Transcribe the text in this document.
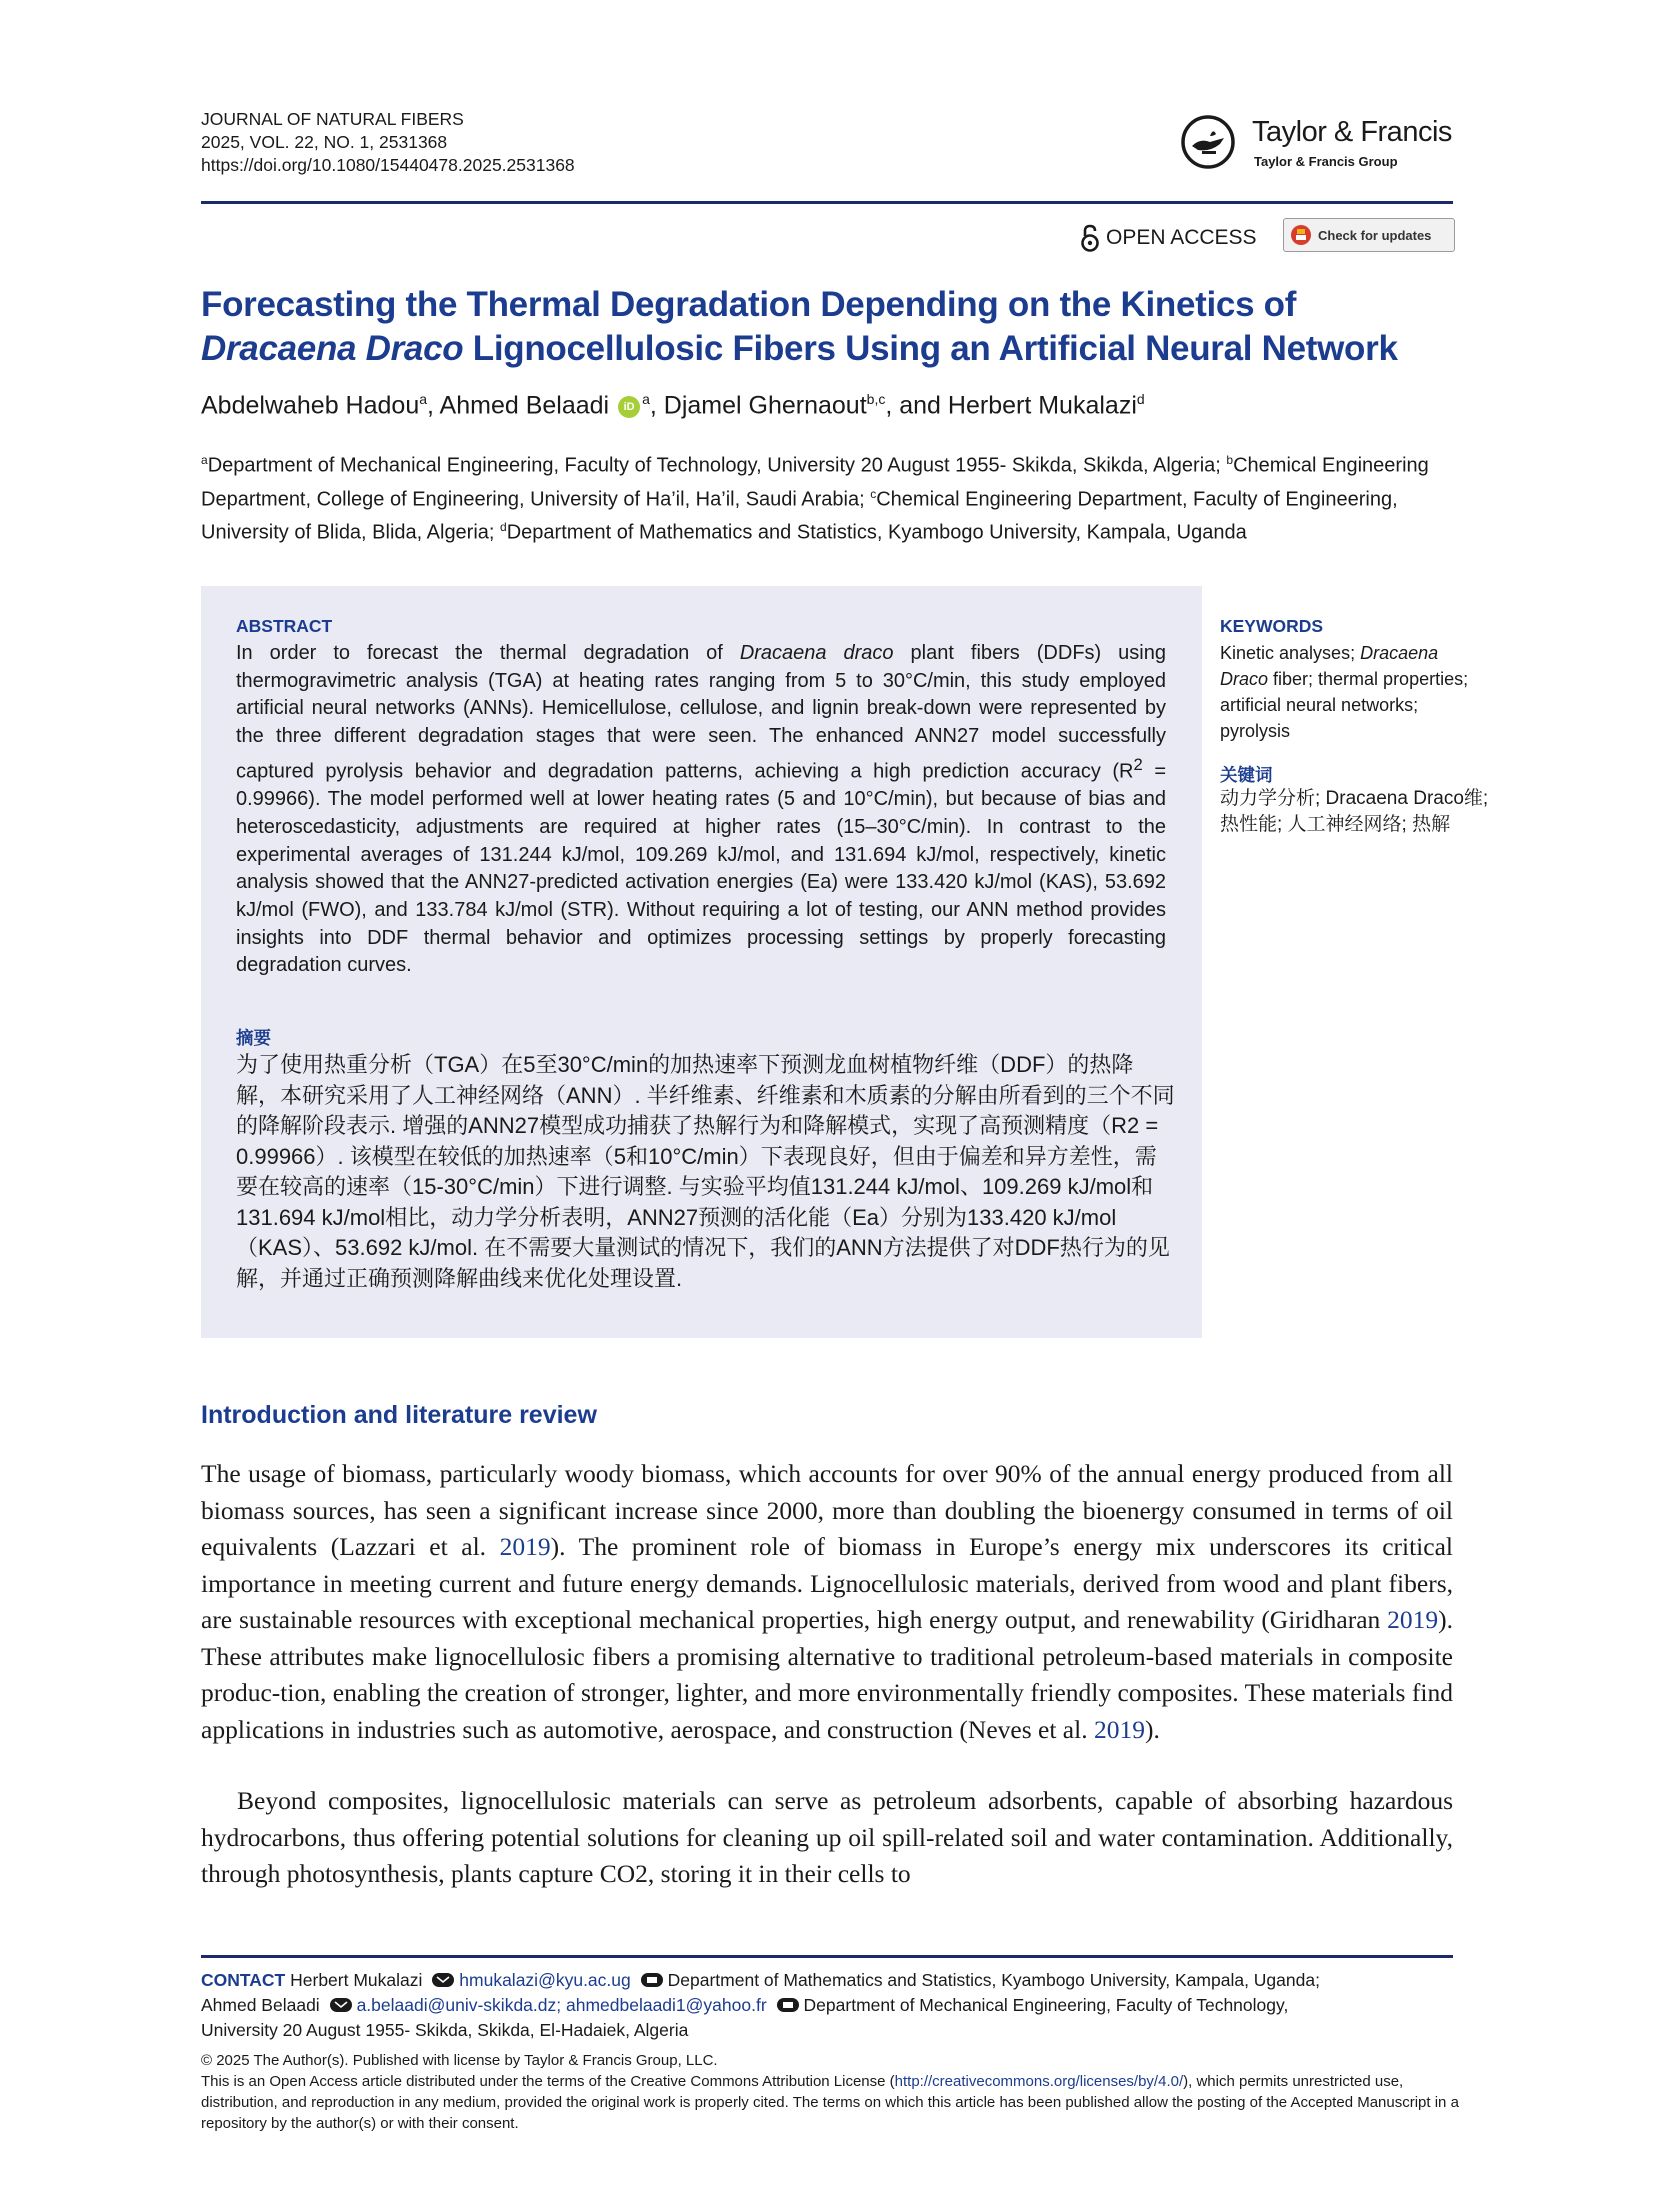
JOURNAL OF NATURAL FIBERS
2025, VOL. 22, NO. 1, 2531368
https://doi.org/10.1080/15440478.2025.2531368
Taylor & Francis
Taylor & Francis Group
OPEN ACCESS	Check for updates
Forecasting the Thermal Degradation Depending on the Kinetics of
Dracaena Draco Lignocellulosic Fibers Using an Artificial Neural Network
Abdelwaheb Hadou$^a$, Ahmed Belaadi iD $^a$, Djamel Ghernaout$^{b,c}$, and Herbert Mukalazi$^d$
$^a$Department of Mechanical Engineering, Faculty of Technology, University 20 August 1955- Skikda, Skikda, Algeria; $^b$Chemical Engineering Department, College of Engineering, University of Ha’il, Ha’il, Saudi Arabia; $^c$Chemical Engineering Department, Faculty of Engineering, University of Blida, Blida, Algeria; $^d$Department of Mathematics and Statistics, Kyambogo University, Kampala, Uganda
ABSTRACT
In order to forecast the thermal degradation of Dracaena draco plant fibers (DDFs) using thermogravimetric analysis (TGA) at heating rates ranging from 5 to 30°C/min, this study employed artificial neural networks (ANNs). Hemicellulose, cellulose, and lignin break-down were represented by the three different degradation stages that were seen. The enhanced ANN27 model successfully captured pyrolysis behavior and degradation patterns, achieving a high prediction accuracy $(R^2 = 0.99966)$. The model performed well at lower heating rates (5 and 10°C/min), but because of bias and heteroscedasticity, adjustments are required at higher rates (15–30°C/min). In contrast to the experimental averages of 131.244 kJ/mol, 109.269 kJ/mol, and 131.694 kJ/mol, respectively, kinetic analysis showed that the ANN27-predicted activation energies (Ea) were 133.420 kJ/mol (KAS), 53.692 kJ/mol (FWO), and 133.784 kJ/mol (STR). Without requiring a lot of testing, our ANN method provides insights into DDF thermal behavior and optimizes processing settings by properly forecasting degradation curves.
摘要
为了使用热重分析（TGA）在5至30°C/min的加热速率下预测龙血树植物纤维（DDF）的热降解，本研究采用了人工神经网络（ANN）. 半纤维素、纤维素和木质素的分解由所看到的三个不同的降解阶段表示. 增强的ANN27模型成功捕获了热解行为和降解模式，实现了高预测精度（R2 = 0.99966）. 该模型在较低的加热速率（5和10°C/min）下表现良好，但由于偏差和异方差性，需要在较高的速率（15-30°C/min）下进行调整. 与实验平均值131.244 kJ/mol、109.269 kJ/mol和131.694 kJ/mol相比，动力学分析表明，ANN27预测的活化能（Ea）分别为133.420 kJ/mol（KAS）、53.692 kJ/mol. 在不需要大量测试的情况下，我们的ANN方法提供了对DDF热行为的见解，并通过正确预测降解曲线来优化处理设置.
KEYWORDS
Kinetic analyses; Dracaena Draco fiber; thermal properties; artificial neural networks; pyrolysis
关键词
动力学分析; Dracaena Draco维; 热性能; 人工神经网络; 热解
Introduction and literature review
The usage of biomass, particularly woody biomass, which accounts for over 90% of the annual energy produced from all biomass sources, has seen a significant increase since 2000, more than doubling the bioenergy consumed in terms of oil equivalents (Lazzari et al. 2019). The prominent role of biomass in Europe’s energy mix underscores its critical importance in meeting current and future energy demands. Lignocellulosic materials, derived from wood and plant fibers, are sustainable resources with exceptional mechanical properties, high energy output, and renewability (Giridharan 2019). These attributes make lignocellulosic fibers a promising alternative to traditional petroleum-based materials in composite produc-tion, enabling the creation of stronger, lighter, and more environmentally friendly composites. These materials find applications in industries such as automotive, aerospace, and construction (Neves et al. 2019).
Beyond composites, lignocellulosic materials can serve as petroleum adsorbents, capable of absorbing hazardous hydrocarbons, thus offering potential solutions for cleaning up oil spill-related soil and water contamination. Additionally, through photosynthesis, plants capture CO2, storing it in their cells to
CONTACT Herbert Mukalazi hmukalazi@kyu.ac.ug Department of Mathematics and Statistics, Kyambogo University, Kampala, Uganda;
Ahmed Belaadi a.belaadi@univ-skikda.dz; ahmedbelaadi1@yahoo.fr Department of Mechanical Engineering, Faculty of Technology,
University 20 August 1955- Skikda, Skikda, El-Hadaiek, Algeria
© 2025 The Author(s). Published with license by Taylor & Francis Group, LLC.
This is an Open Access article distributed under the terms of the Creative Commons Attribution License (http://creativecommons.org/licenses/by/4.0/), which permits unrestricted use, distribution, and reproduction in any medium, provided the original work is properly cited. The terms on which this article has been published allow the posting of the Accepted Manuscript in a repository by the author(s) or with their consent.
